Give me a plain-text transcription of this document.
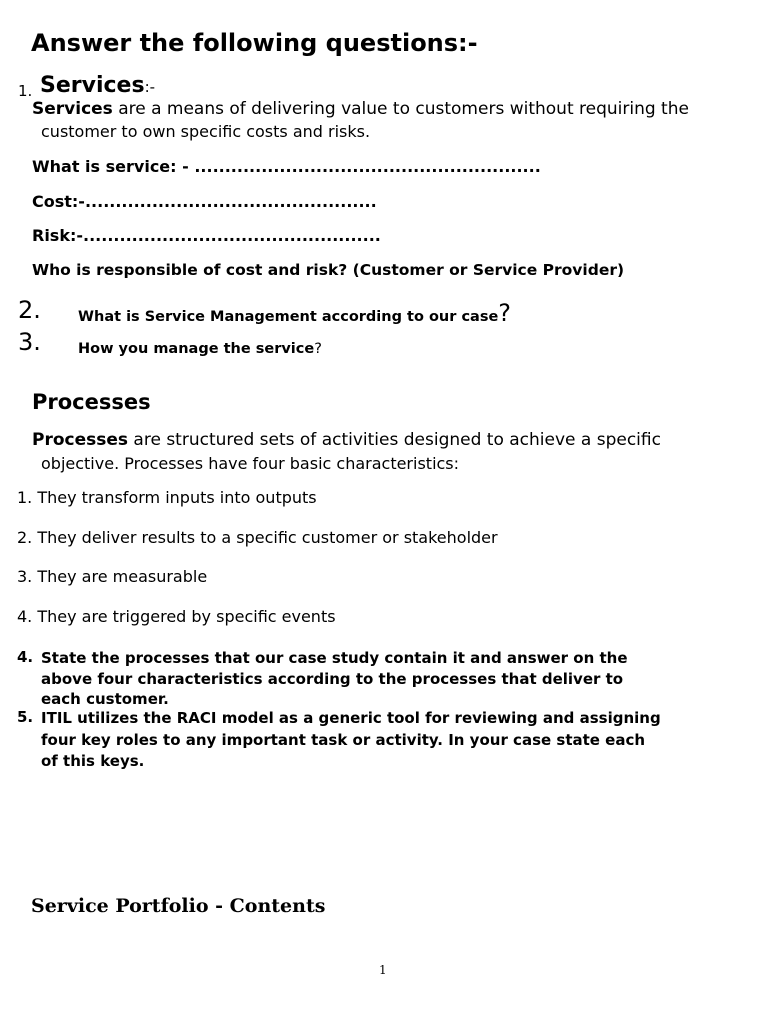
Answer the following questions:-
1. Services:-
Services are a means of delivering value to customers without requiring the
customer to own specific costs and risks.
What is service: - .........................................................
Cost:-................................................
Risk:-.................................................
Who is responsible of cost and risk? (Customer or Service Provider)
2.	What is Service Management according to our case?
3.	How you manage the service?
Processes
Processes are structured sets of activities designed to achieve a specific
objective. Processes have four basic characteristics:
1. They transform inputs into outputs
2. They deliver results to a specific customer or stakeholder
3. They are measurable
4. They are triggered by specific events
4. State the processes that our case study contain it and answer on the
above four characteristics according to the processes that deliver to
each customer.
5. ITIL utilizes the RACI model as a generic tool for reviewing and assigning
four key roles to any important task or activity. In your case state each
of this keys.
Service Portfolio - Contents
1
